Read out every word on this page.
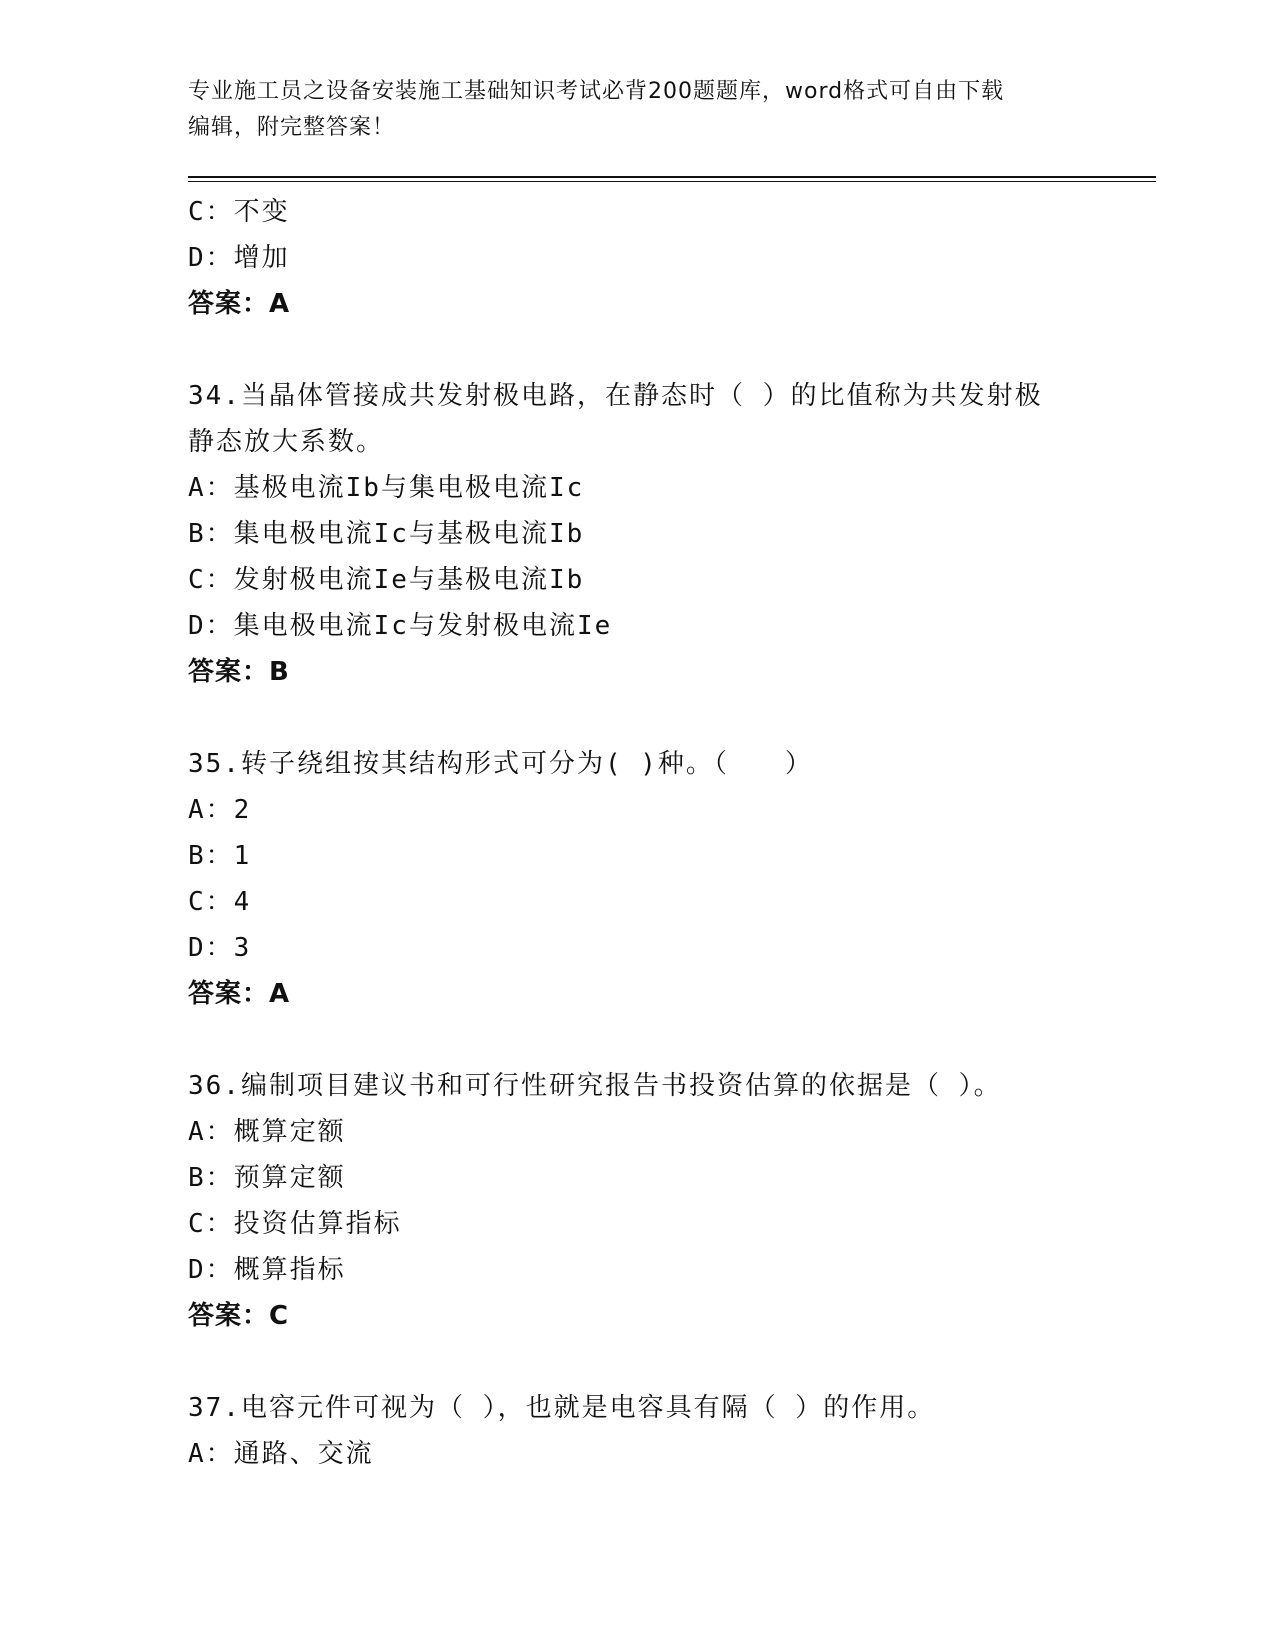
专业施工员之设备安装施工基础知识考试必背200题题库，word格式可自由下载
编辑，附完整答案！
C：不变
D：增加
答案：A
34.当晶体管接成共发射极电路，在静态时（ ）的比值称为共发射极
静态放大系数。
A：基极电流Ib与集电极电流Ic
B：集电极电流Ic与基极电流Ib
C：发射极电流Ie与基极电流Ib
D：集电极电流Ic与发射极电流Ie
答案：B
35.转子绕组按其结构形式可分为( )种。（　　）
A：2
B：1
C：4
D：3
答案：A
36.编制项目建议书和可行性研究报告书投资估算的依据是（ ）。
A：概算定额
B：预算定额
C：投资估算指标
D：概算指标
答案：C
37.电容元件可视为（ ），也就是电容具有隔（ ）的作用。
A：通路、交流
